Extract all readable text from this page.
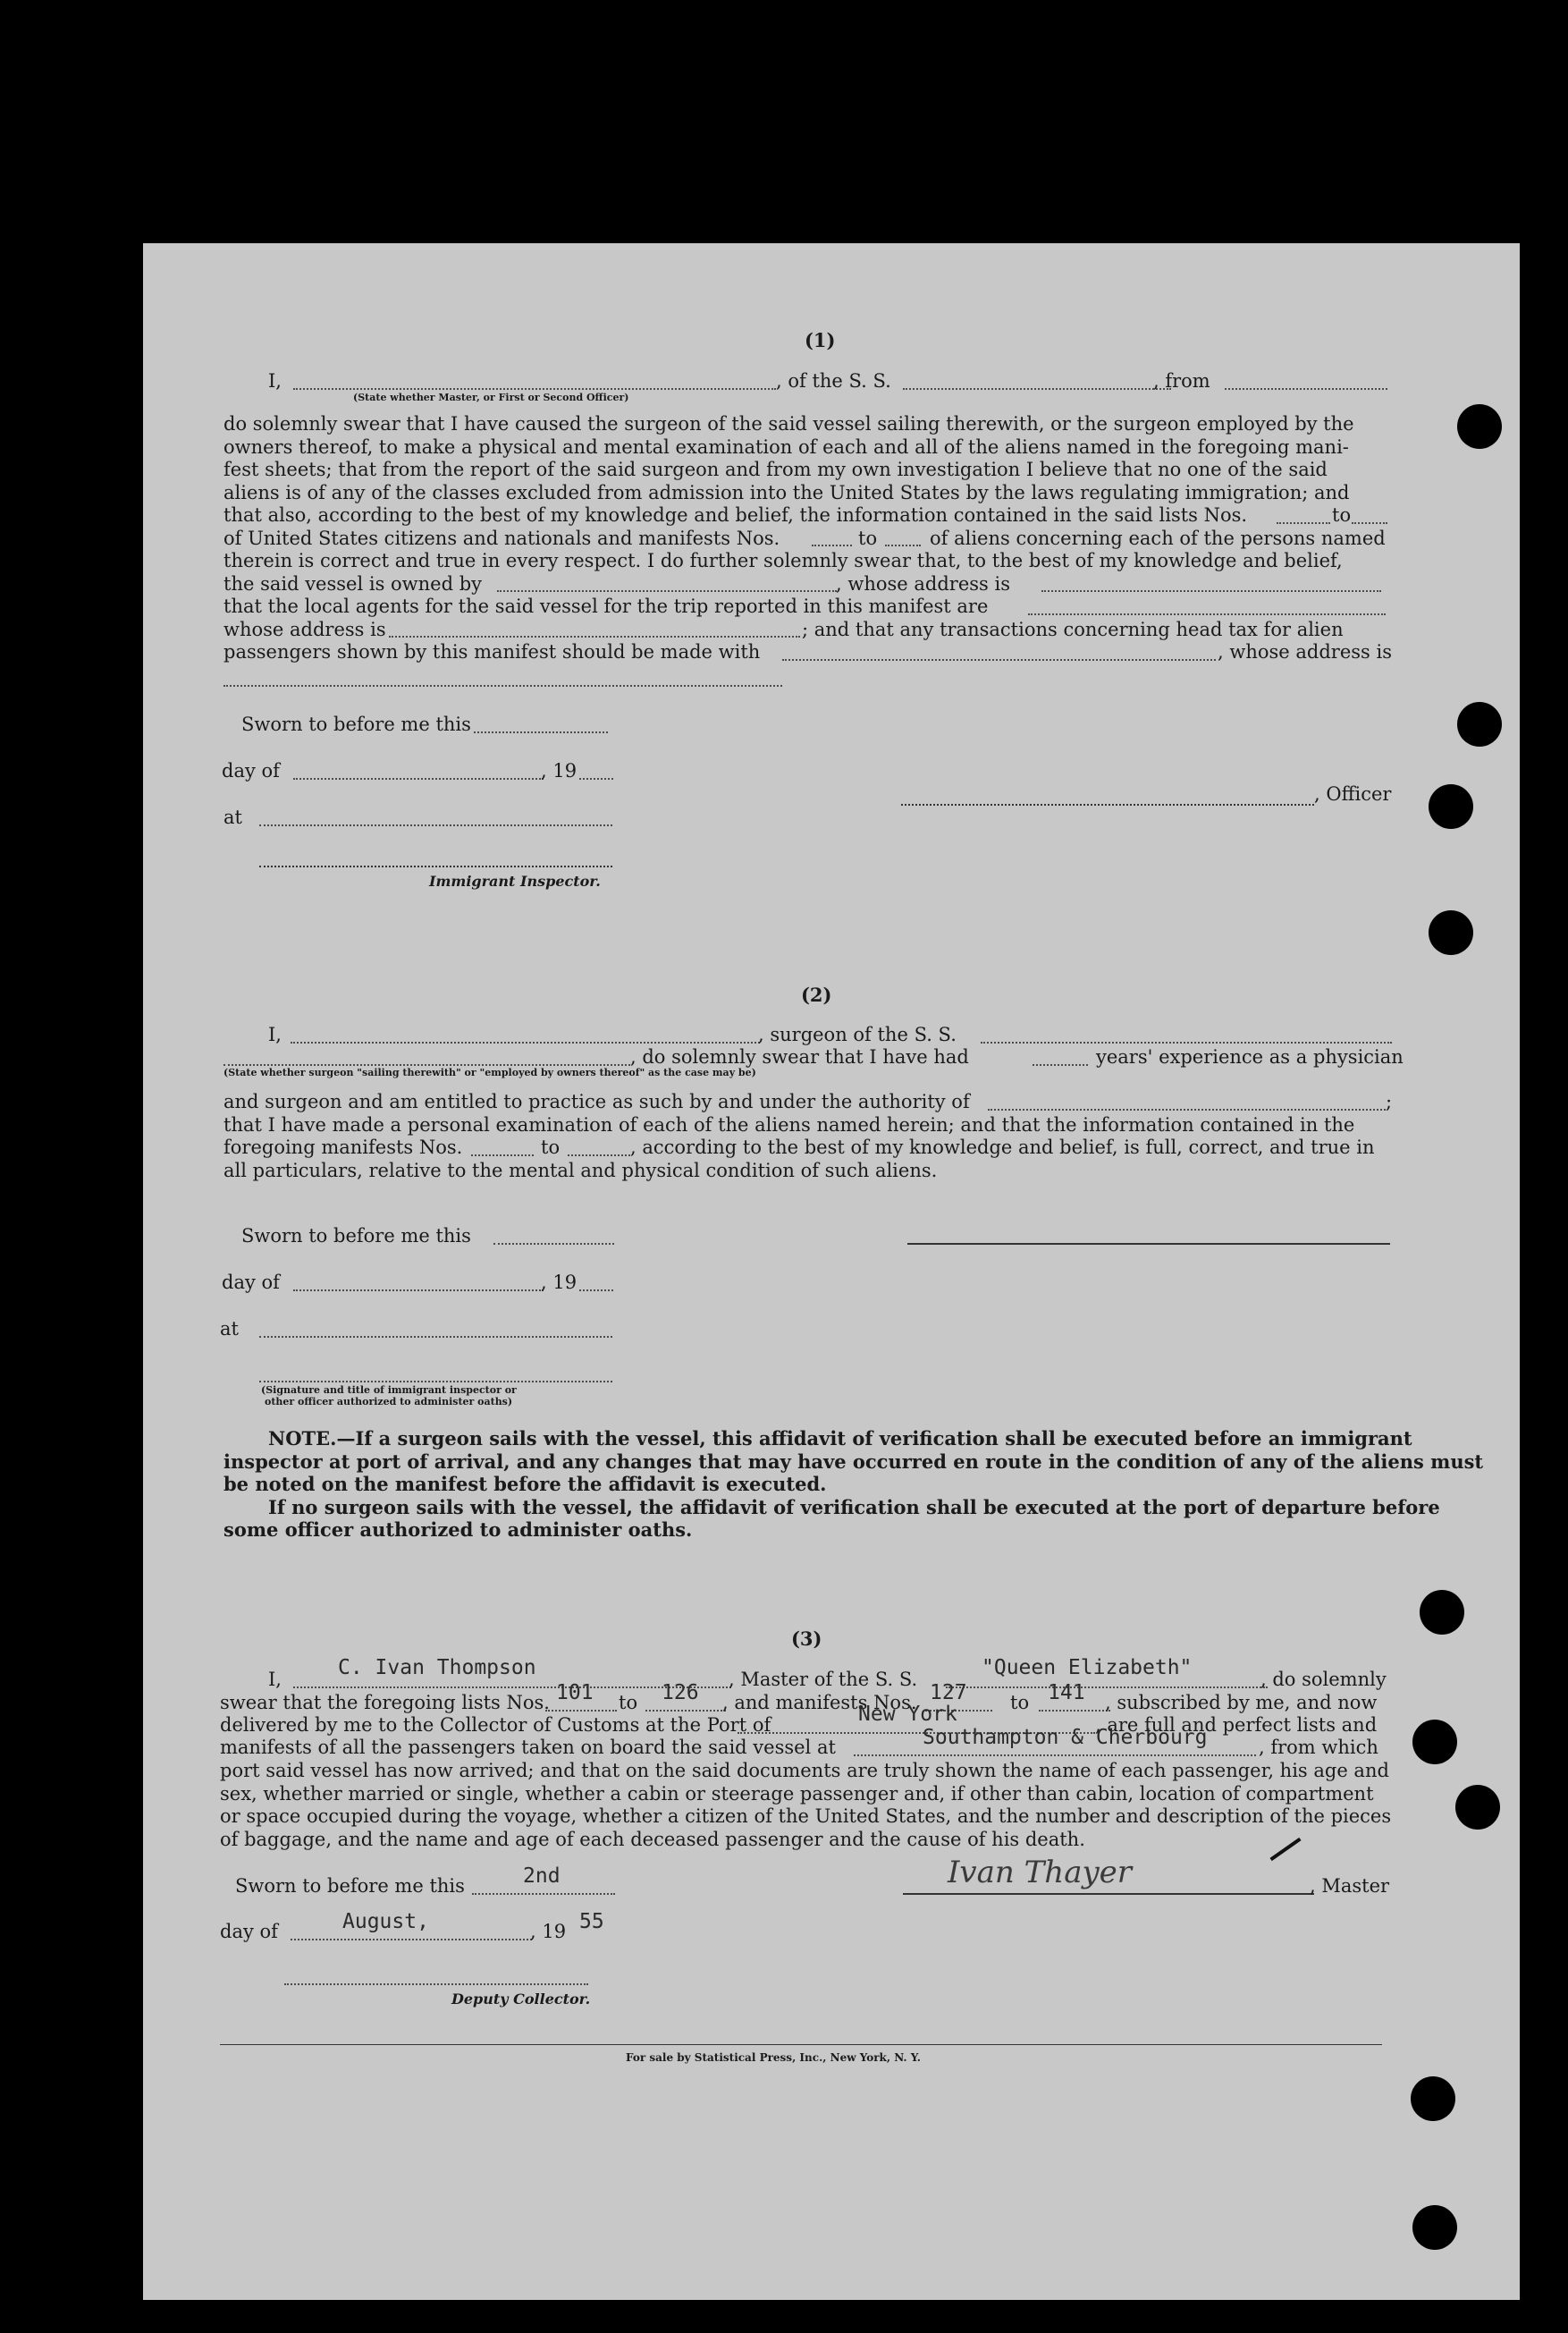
(1)
I,	, of the S. S.	, from
(State whether Master, or First or Second Officer)
do solemnly swear that I have caused the surgeon of the said vessel sailing therewith, or the surgeon employed by the
owners thereof, to make a physical and mental examination of each and all of the aliens named in the foregoing mani-
fest sheets; that from the report of the said surgeon and from my own investigation I believe that no one of the said
aliens is of any of the classes excluded from admission into the United States by the laws regulating immigration; and
that also, according to the best of my knowledge and belief, the information contained in the said lists Nos.	to
of United States citizens and nationals and manifests Nos.	to	of aliens concerning each of the persons named
therein is correct and true in every respect. I do further solemnly swear that, to the best of my knowledge and belief,
the said vessel is owned by	, whose address is
that the local agents for the said vessel for the trip reported in this manifest are
whose address is	; and that any transactions concerning head tax for alien
passengers shown by this manifest should be made with	, whose address is
Sworn to before me this
day of	, 19
, Officer
at
Immigrant Inspector.
(2)
I,	, surgeon of the S. S.
, do solemnly swear that I have had	years' experience as a physician
(State whether surgeon "sailing therewith" or "employed by owners thereof" as the case may be)
and surgeon and am entitled to practice as such by and under the authority of	;
that I have made a personal examination of each of the aliens named herein; and that the information contained in the
foregoing manifests Nos.	to	, according to the best of my knowledge and belief, is full, correct, and true in
all particulars, relative to the mental and physical condition of such aliens.
Sworn to before me this
day of	, 19
at
(Signature and title of immigrant inspector or
other officer authorized to administer oaths)
NOTE.—If a surgeon sails with the vessel, this affidavit of verification shall be executed before an immigrant
inspector at port of arrival, and any changes that may have occurred en route in the condition of any of the aliens must
be noted on the manifest before the affidavit is executed.
If no surgeon sails with the vessel, the affidavit of verification shall be executed at the port of departure before
some officer authorized to administer oaths.
(3)
I,	C. Ivan Thompson	, Master of the S. S.	"Queen Elizabeth"	, do solemnly
swear that the foregoing lists Nos. 101 to 126 , and manifests Nos. 127 to 141 , subscribed by me, and now
delivered by me to the Collector of Customs at the Port of	New York	, are full and perfect lists and
manifests of all the passengers taken on board the said vessel at	Southampton & Cherbourg	, from which
port said vessel has now arrived; and that on the said documents are truly shown the name of each passenger, his age and
sex, whether married or single, whether a cabin or steerage passenger and, if other than cabin, location of compartment
or space occupied during the voyage, whether a citizen of the United States, and the number and description of the pieces
of baggage, and the name and age of each deceased passenger and the cause of his death.
Sworn to before me this	2nd	Ivan Thayer	, Master
day of	August,	, 19 55
Deputy Collector.
For sale by Statistical Press, Inc., New York, N. Y.
